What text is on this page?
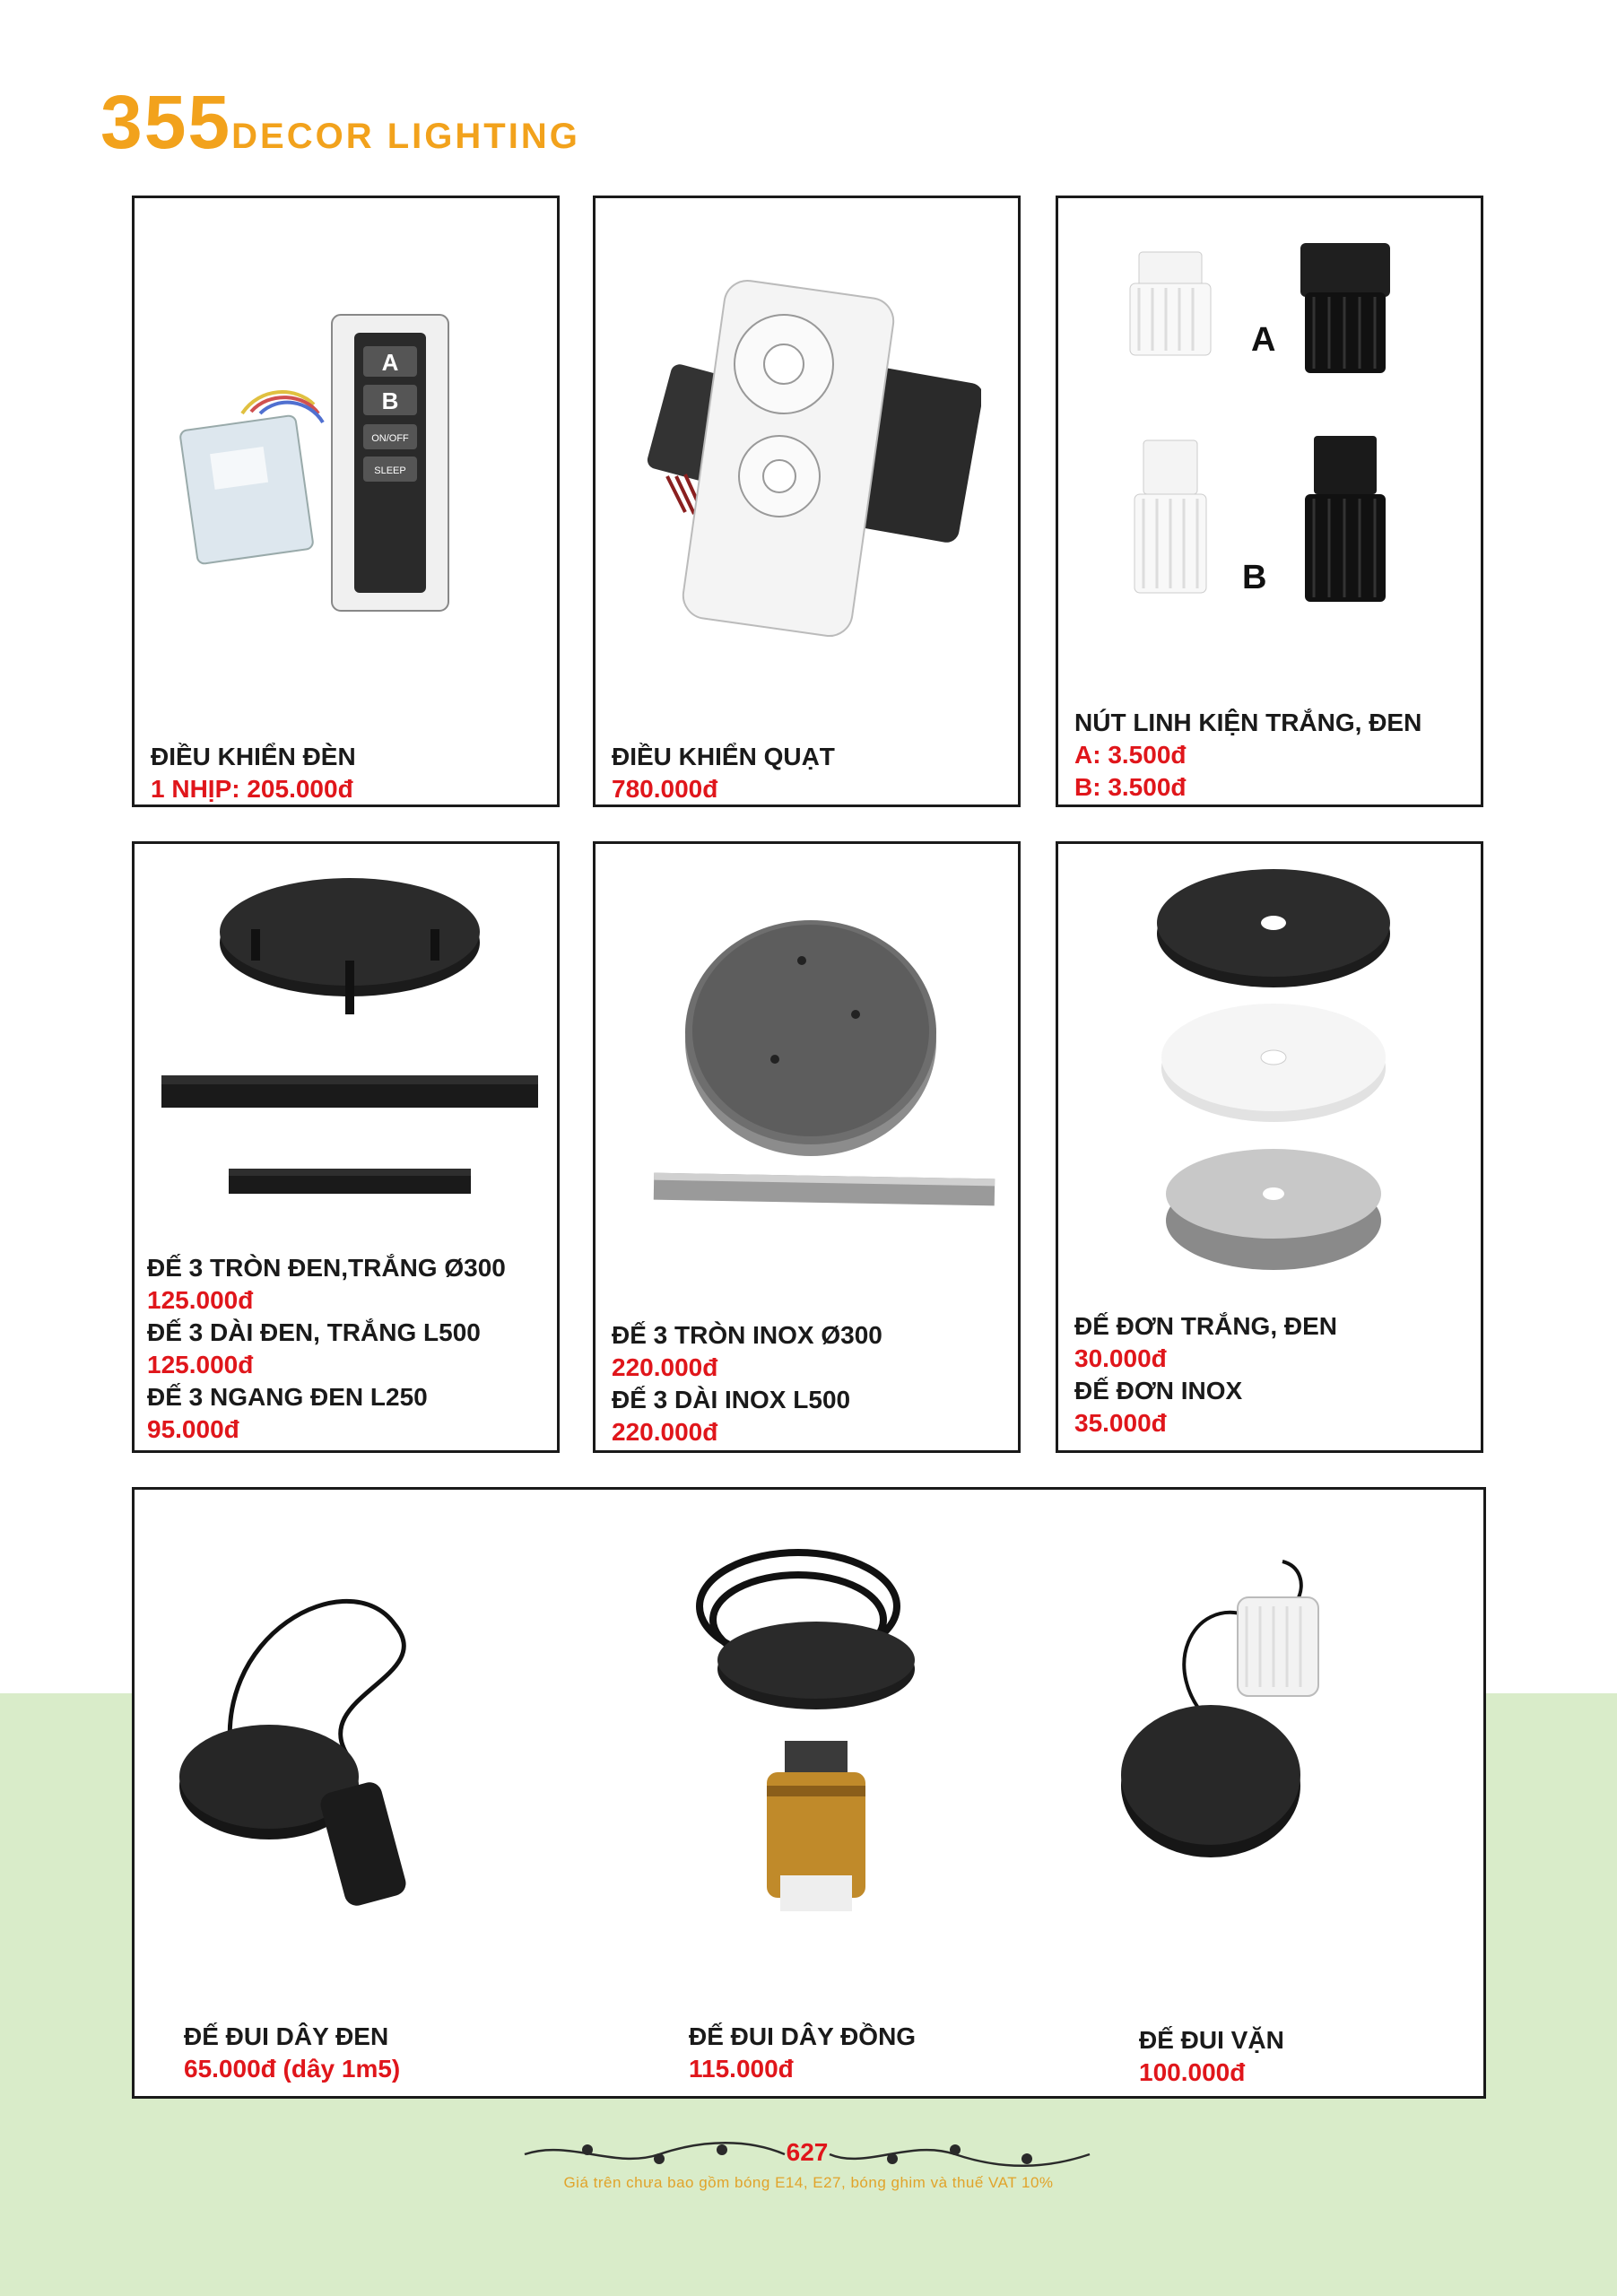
355DECOR LIGHTING
A
B
ON/OFF
SLEEP
ĐIỀU KHIỂN ĐÈN
1 NHỊP: 205.000đ
ĐIỀU KHIỂN QUẠT
780.000đ
A
B
NÚT LINH KIỆN TRẮNG, ĐEN
A: 3.500đ
B: 3.500đ
ĐẾ 3 TRÒN ĐEN,TRẮNG Ø300
125.000đ
ĐẾ 3 DÀI ĐEN, TRẮNG L500
125.000đ
ĐẾ 3 NGANG ĐEN L250
95.000đ
ĐẾ 3 TRÒN INOX Ø300
220.000đ
ĐẾ 3 DÀI INOX L500
220.000đ
ĐẾ ĐƠN TRẮNG, ĐEN
30.000đ
ĐẾ ĐƠN INOX
35.000đ
ĐẾ ĐUI DÂY ĐEN
65.000đ (dây 1m5)
ĐẾ ĐUI DÂY ĐỒNG
115.000đ
ĐẾ ĐUI VẶN
100.000đ
627
Giá trên chưa bao gồm bóng E14, E27, bóng ghim và thuế VAT 10%
